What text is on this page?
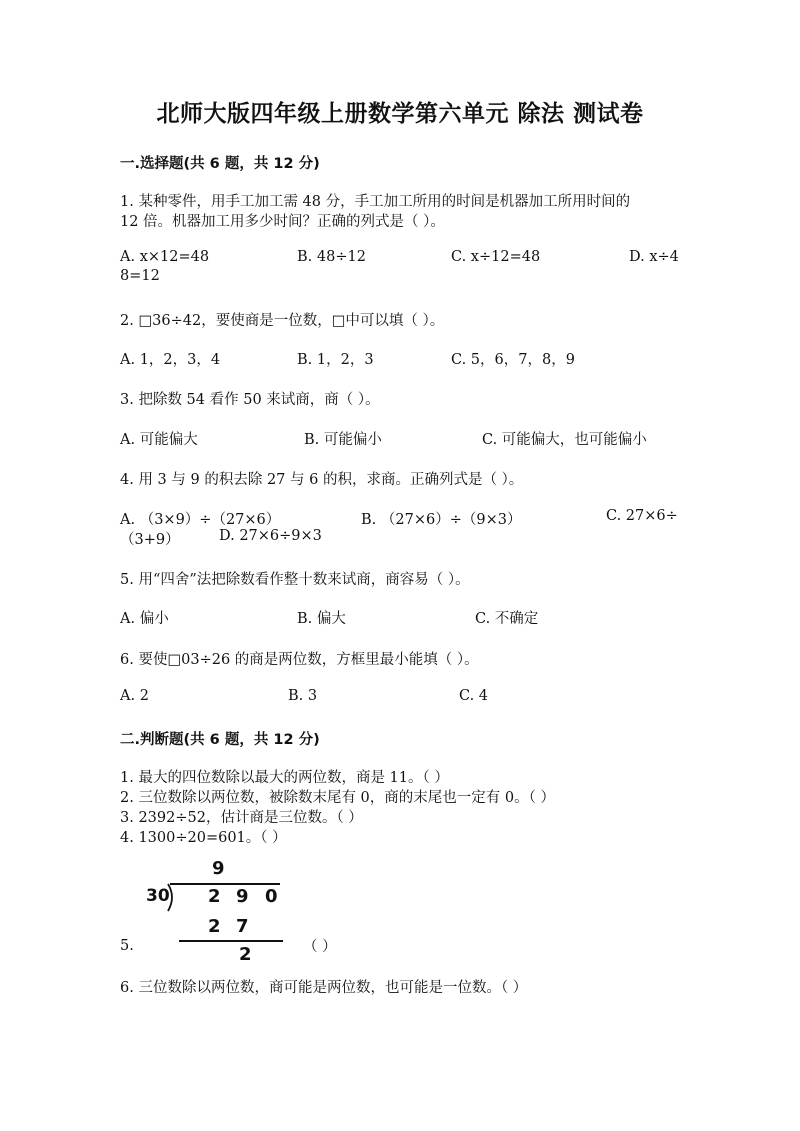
北师大版四年级上册数学第六单元 除法 测试卷
一.选择题(共 6 题，共 12 分)
1. 某种零件，用手工加工需 48 分，手工加工所用的时间是机器加工所用时间的
12 倍。机器加工用多少时间？正确的列式是（ ）。
A. x×12=48	B. 48÷12	C. x÷12=48	D. x÷4
8=12
2. □36÷42，要使商是一位数，□中可以填（ ）。
A. 1，2，3，4	B. 1，2，3	C. 5，6，7，8，9
3. 把除数 54 看作 50 来试商，商（ ）。
A. 可能偏大	B. 可能偏小	C. 可能偏大，也可能偏小
4. 用 3 与 9 的积去除 27 与 6 的积，求商。正确列式是（ ）。
A. （3×9）÷（27×6）	B. （27×6）÷（9×3）	C. 27×6÷
（3+9）	D. 27×6÷9×3
5. 用“四舍”法把除数看作整十数来试商，商容易（ ）。
A. 偏小	B. 偏大	C. 不确定
6. 要使□03÷26 的商是两位数，方框里最小能填（ ）。
A. 2	B. 3	C. 4
二.判断题(共 6 题，共 12 分)
1. 最大的四位数除以最大的两位数，商是 11。（ ）
2. 三位数除以两位数，被除数末尾有 0，商的末尾也一定有 0。（ ）
3. 2392÷52，估计商是三位数。（ ）
4. 1300÷20=601。（ ）
9
30 2 9 0
2 7
2
5.	（ ）
6. 三位数除以两位数，商可能是两位数，也可能是一位数。（ ）
